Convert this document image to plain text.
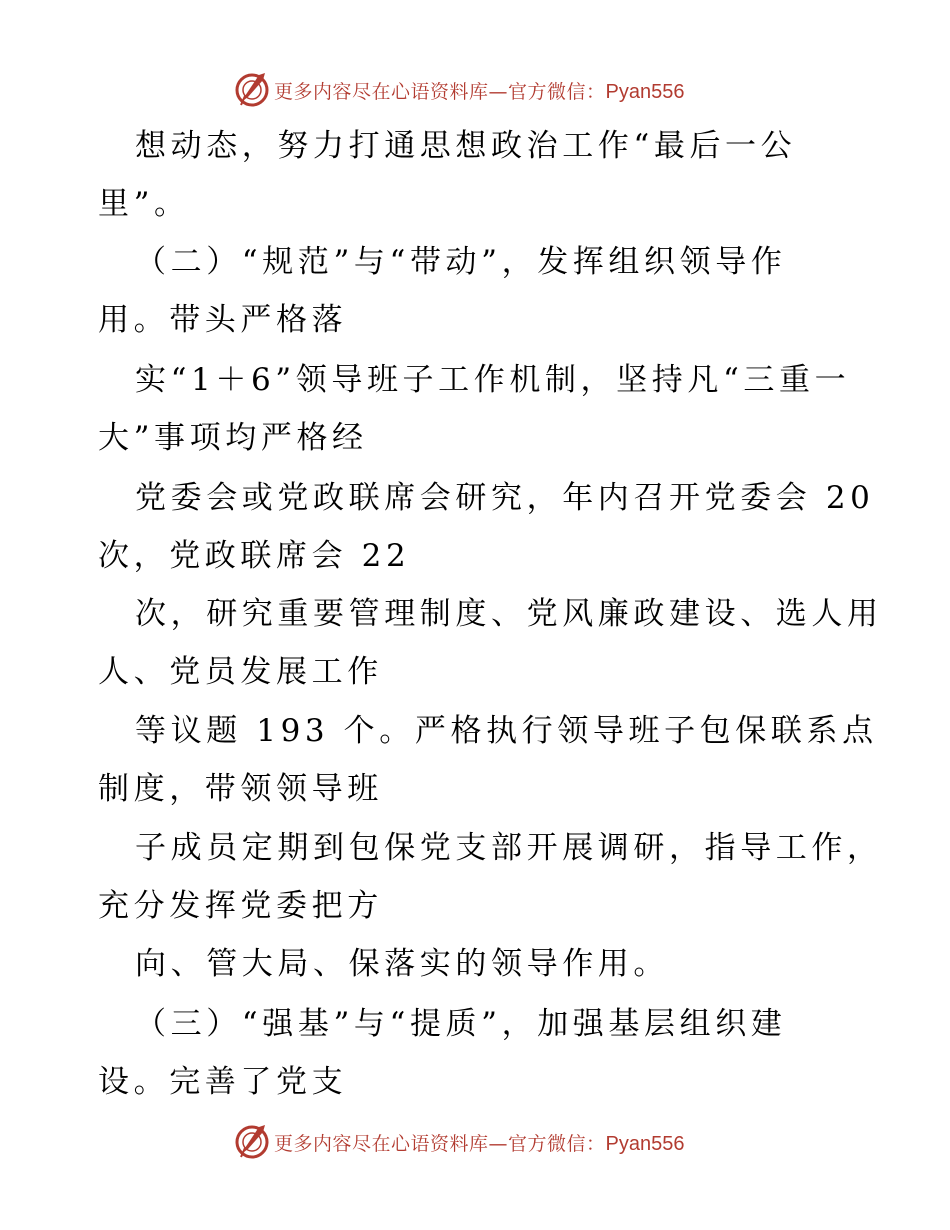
更多内容尽在心语资料库—官方微信：Pyan556
想动态，努力打通思想政治工作“最后一公
里”。
（二）“规范”与“带动”，发挥组织领导作
用。带头严格落
实“1＋6”领导班子工作机制，坚持凡“三重一
大”事项均严格经
党委会或党政联席会研究，年内召开党委会 20
次，党政联席会 22
次，研究重要管理制度、党风廉政建设、选人用
人、党员发展工作
等议题 193 个。严格执行领导班子包保联系点
制度，带领领导班
子成员定期到包保党支部开展调研，指导工作，
充分发挥党委把方
向、管大局、保落实的领导作用。
（三）“强基”与“提质”，加强基层组织建
设。完善了党支
更多内容尽在心语资料库—官方微信：Pyan556
